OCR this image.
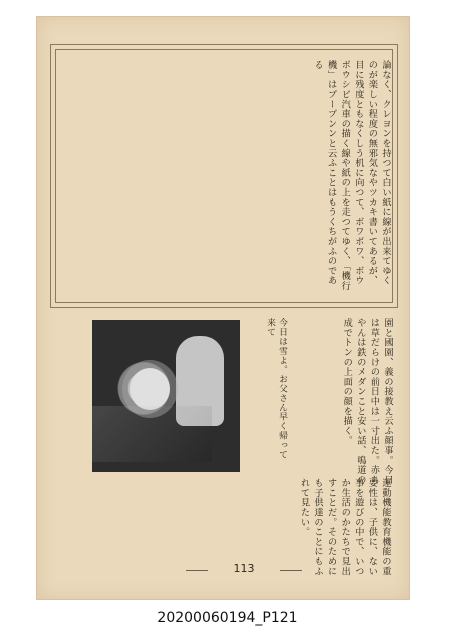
論なく、クレヨンを持つて白い紙に線が出来てゆくのが楽しい程度の無邪気なやツカキ書いてあるが、目に残度ともなくしう机に向つて、ボワボワ、ボウボウシビ汽車の描く線や紙の上を走つてゆく、「機行機」はプープンンと云ふことはもうくちがふのである
今日は雪よ。お父さん早く帰って来て	園と國園、義の接教え云ふ顔事。今日は草だらけの前日中は一寸出た。赤ちやんは鉄のメダンこと安い話、鳴道の成でトンの上面の顔を描く。
運動機能教育機能の重要性は、子供に、ない事を遊びの中で、いつか生活のかたちで見出すことだ。そのためにも子供達のことにもふれて見たい。
113
20200060194_P121
